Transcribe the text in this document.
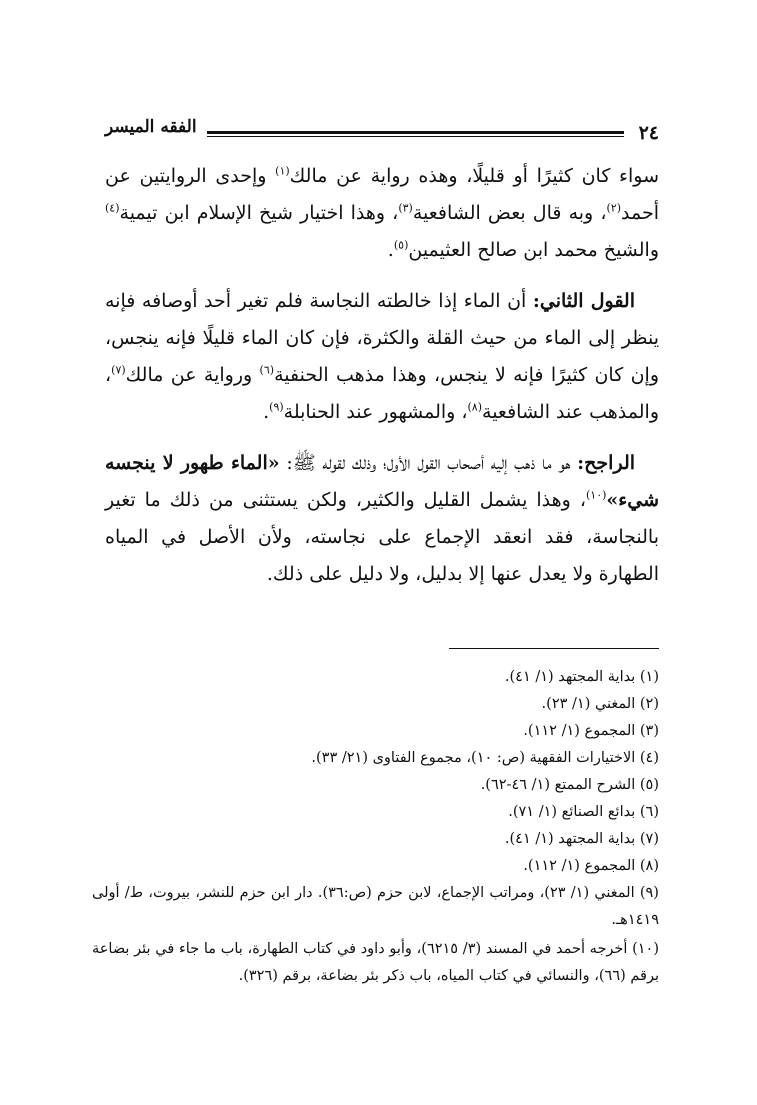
٢٤
الفقه الميسر

سواء كان كثيرًا أو قليلًا، وهذه رواية عن مالك$^{(١)}$ وإحدى الروايتين عن أحمد$^{(٢)}$، وبه قال بعض الشافعية$^{(٣)}$، وهذا اختيار شيخ الإسلام ابن تيمية$^{(٤)}$ والشيخ محمد ابن صالح العثيمين$^{(٥)}$.

القول الثاني: أن الماء إذا خالطته النجاسة فلم تغير أحد أوصافه فإنه ينظر إلى الماء من حيث القلة والكثرة، فإن كان الماء قليلًا فإنه ينجس، وإن كان كثيرًا فإنه لا ينجس، وهذا مذهب الحنفية$^{(٦)}$ ورواية عن مالك$^{(٧)}$، والمذهب عند الشافعية$^{(٨)}$، والمشهور عند الحنابلة$^{(٩)}$.

الراجح: هو ما ذهب إليه أصحاب القول الأول؛ وذلك لقوله ﷺ: «الماء طهور لا ينجسه شيء»$^{(١٠)}$، وهذا يشمل القليل والكثير، ولكن يستثنى من ذلك ما تغير بالنجاسة، فقد انعقد الإجماع على نجاسته، ولأن الأصل في المياه الطهارة ولا يعدل عنها إلا بدليل، ولا دليل على ذلك.

(١) بداية المجتهد (١/ ٤١).

(٢) المغني (١/ ٢٣).

(٣) المجموع (١/ ١١٢).

(٤) الاختيارات الفقهية (ص: ١٠)، مجموع الفتاوى (٢١/ ٣٣).

(٥) الشرح الممتع (١/ ٤٦-٦٢).

(٦) بدائع الصنائع (١/ ٧١).

(٧) بداية المجتهد (١/ ٤١).

(٨) المجموع (١/ ١١٢).

(٩) المغني (١/ ٢٣)، ومراتب الإجماع، لابن حزم (ص:٣٦). دار ابن حزم للنشر، بيروت، ط/ أولى ١٤١٩هـ.

(١٠) أخرجه أحمد في المسند (٣/ ٦٢١٥)، وأبو داود في كتاب الطهارة، باب ما جاء في بئر بضاعة برقم (٦٦)، والنسائي في كتاب المياه، باب ذكر بئر بضاعة، برقم (٣٢٦).
